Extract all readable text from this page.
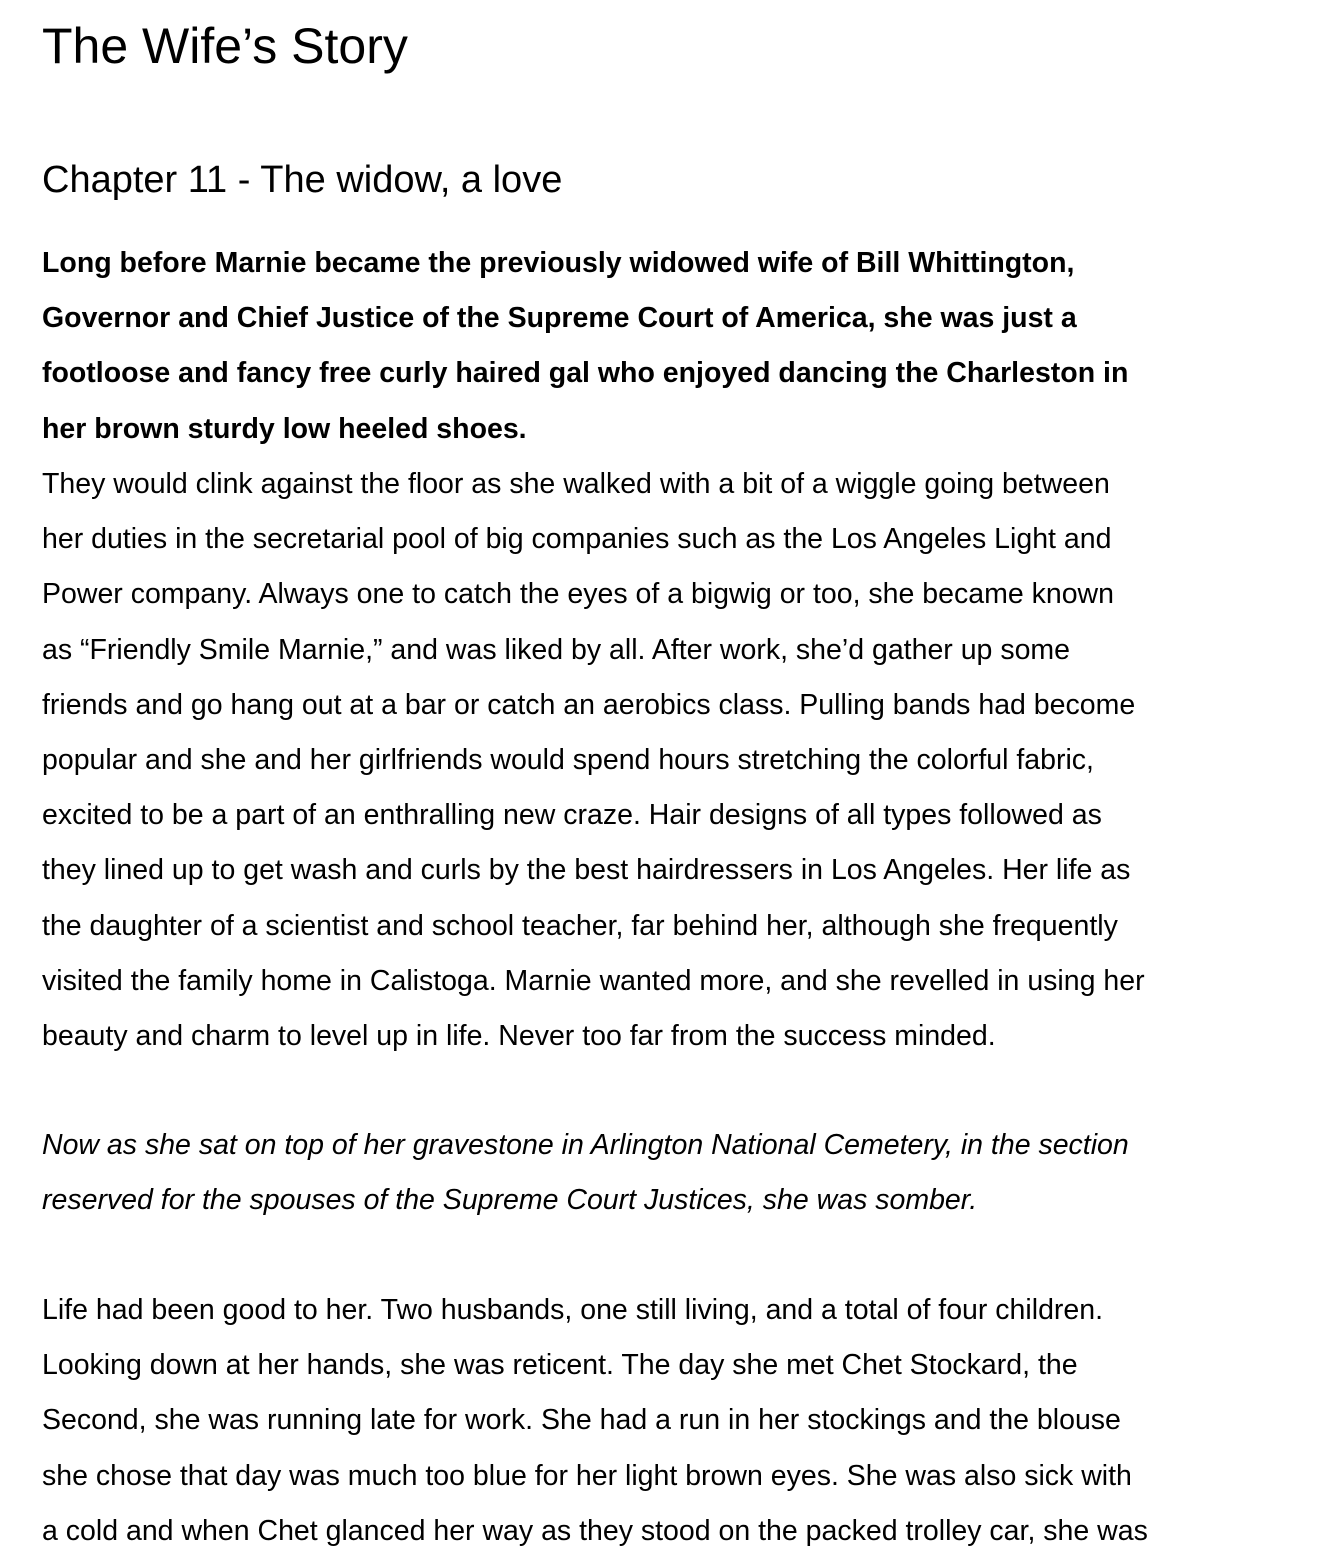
The Wife’s Story
Chapter 11 - The widow, a love

Long before Marnie became the previously widowed wife of Bill Whittington,
Governor and Chief Justice of the Supreme Court of America, she was just a
footloose and fancy free curly haired gal who enjoyed dancing the Charleston in
her brown sturdy low heeled shoes.

They would clink against the floor as she walked with a bit of a wiggle going between
her duties in the secretarial pool of big companies such as the Los Angeles Light and
Power company. Always one to catch the eyes of a bigwig or too, she became known
as “Friendly Smile Marnie,” and was liked by all. After work, she’d gather up some
friends and go hang out at a bar or catch an aerobics class. Pulling bands had become
popular and she and her girlfriends would spend hours stretching the colorful fabric,
excited to be a part of an enthralling new craze. Hair designs of all types followed as
they lined up to get wash and curls by the best hairdressers in Los Angeles. Her life as
the daughter of a scientist and school teacher, far behind her, although she frequently
visited the family home in Calistoga. Marnie wanted more, and she revelled in using her
beauty and charm to level up in life. Never too far from the success minded.

Now as she sat on top of her gravestone in Arlington National Cemetery, in the section
reserved for the spouses of the Supreme Court Justices, she was somber.

Life had been good to her. Two husbands, one still living, and a total of four children.
Looking down at her hands, she was reticent. The day she met Chet Stockard, the
Second, she was running late for work. She had a run in her stockings and the blouse
she chose that day was much too blue for her light brown eyes. She was also sick with
a cold and when Chet glanced her way as they stood on the packed trolley car, she was
